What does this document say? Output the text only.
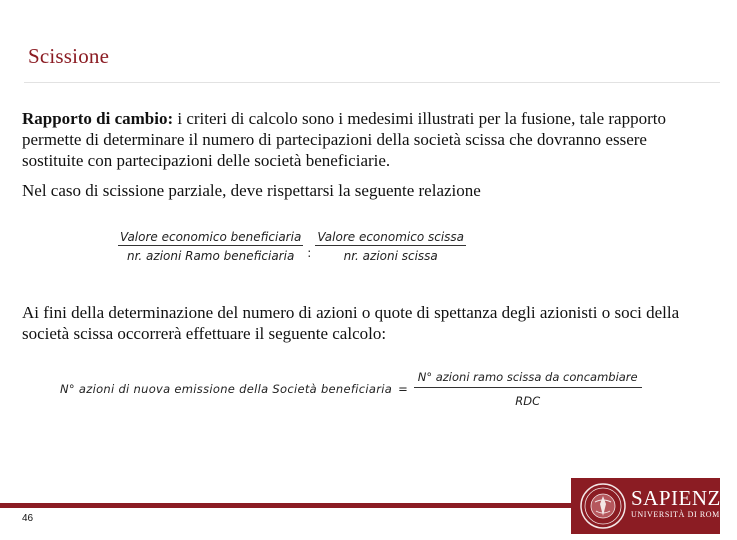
Scissione
Rapporto di cambio: i criteri di calcolo sono i medesimi illustrati per la fusione, tale rapporto permette di determinare il numero di partecipazioni della società scissa che dovranno essere sostituite con partecipazioni delle società beneficiarie.
Nel caso di scissione parziale, deve rispettarsi la seguente relazione
$\frac{\text{Valore economico beneficiaria}}{\text{nr. azioni Ramo beneficiaria}}$ : $\frac{\text{Valore economico scissa}}{\text{nr. azioni scissa}}$
Ai fini della determinazione del numero di azioni o quote di spettanza degli azionisti o soci della società scissa occorrerà effettuare il seguente calcolo:
N° azioni di nuova emissione della Società beneficiaria = $\frac{\text{N° azioni ramo scissa da concambiare}}{\text{RDC}}$
46
SAPIENZA
UNIVERSITÀ DI ROMA
